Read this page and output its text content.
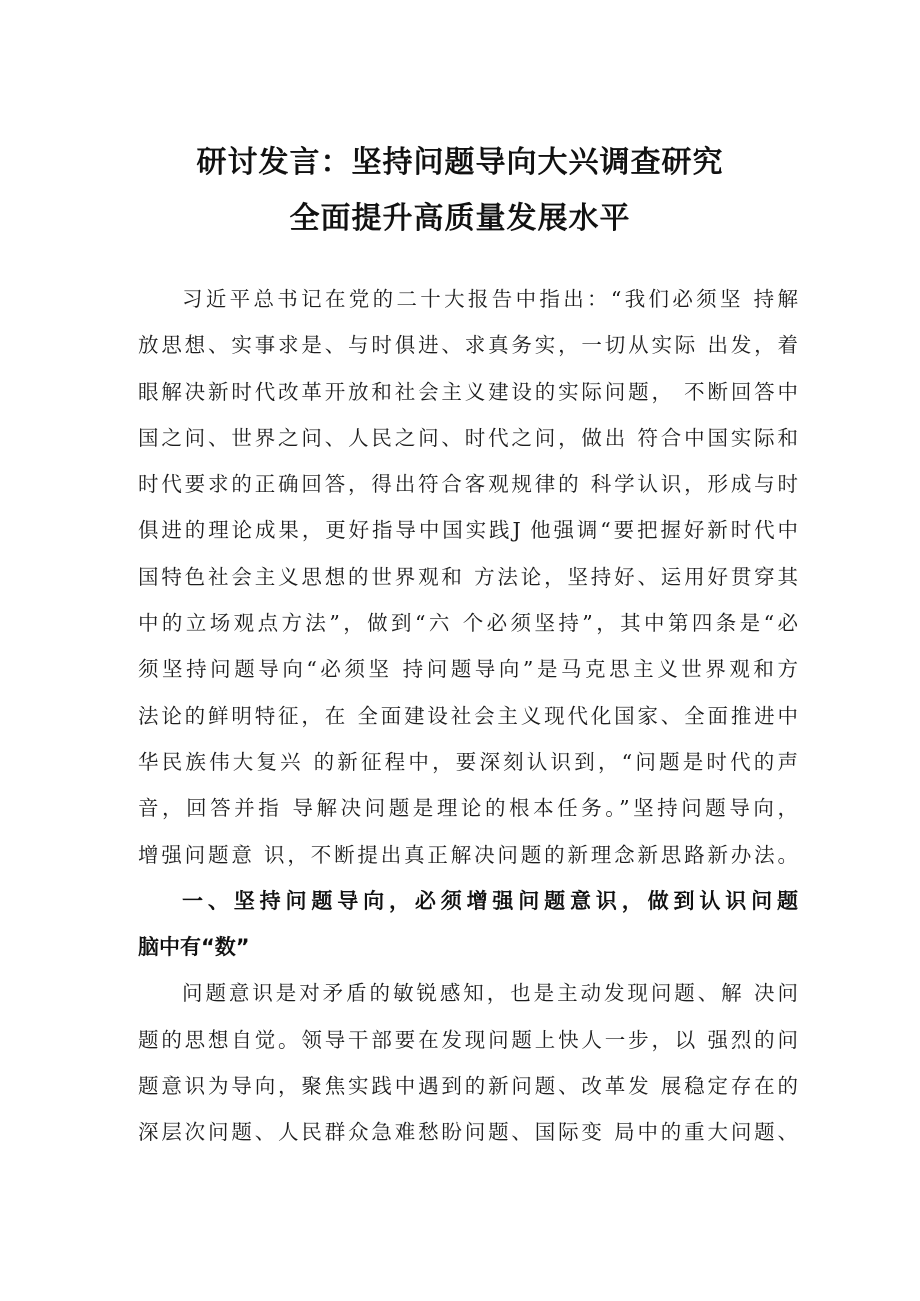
研讨发言：坚持问题导向大兴调查研究
全面提升高质量发展水平
习近平总书记在党的二十大报告中指出：“我们必须坚 持解
放思想、实事求是、与时俱进、求真务实，一切从实际 出发，着
眼解决新时代改革开放和社会主义建设的实际问题， 不断回答中
国之问、世界之问、人民之问、时代之问，做出 符合中国实际和
时代要求的正确回答，得出符合客观规律的 科学认识，形成与时
俱进的理论成果，更好指导中国实践J 他强调“要把握好新时代中
国特色社会主义思想的世界观和 方法论，坚持好、运用好贯穿其
中的立场观点方法”，做到“六 个必须坚持”，其中第四条是“必
须坚持问题导向“必须坚 持问题导向”是马克思主义世界观和方
法论的鲜明特征，在 全面建设社会主义现代化国家、全面推进中
华民族伟大复兴 的新征程中，要深刻认识到，“问题是时代的声
音，回答并指 导解决问题是理论的根本任务。”坚持问题导向，
增强问题意 识，不断提出真正解决问题的新理念新思路新办法。
一、坚持问题导向，必须增强问题意识，做到认识问题
脑中有“数”
问题意识是对矛盾的敏锐感知，也是主动发现问题、解 决问
题的思想自觉。领导干部要在发现问题上快人一步，以 强烈的问
题意识为导向，聚焦实践中遇到的新问题、改革发 展稳定存在的
深层次问题、人民群众急难愁盼问题、国际变 局中的重大问题、
